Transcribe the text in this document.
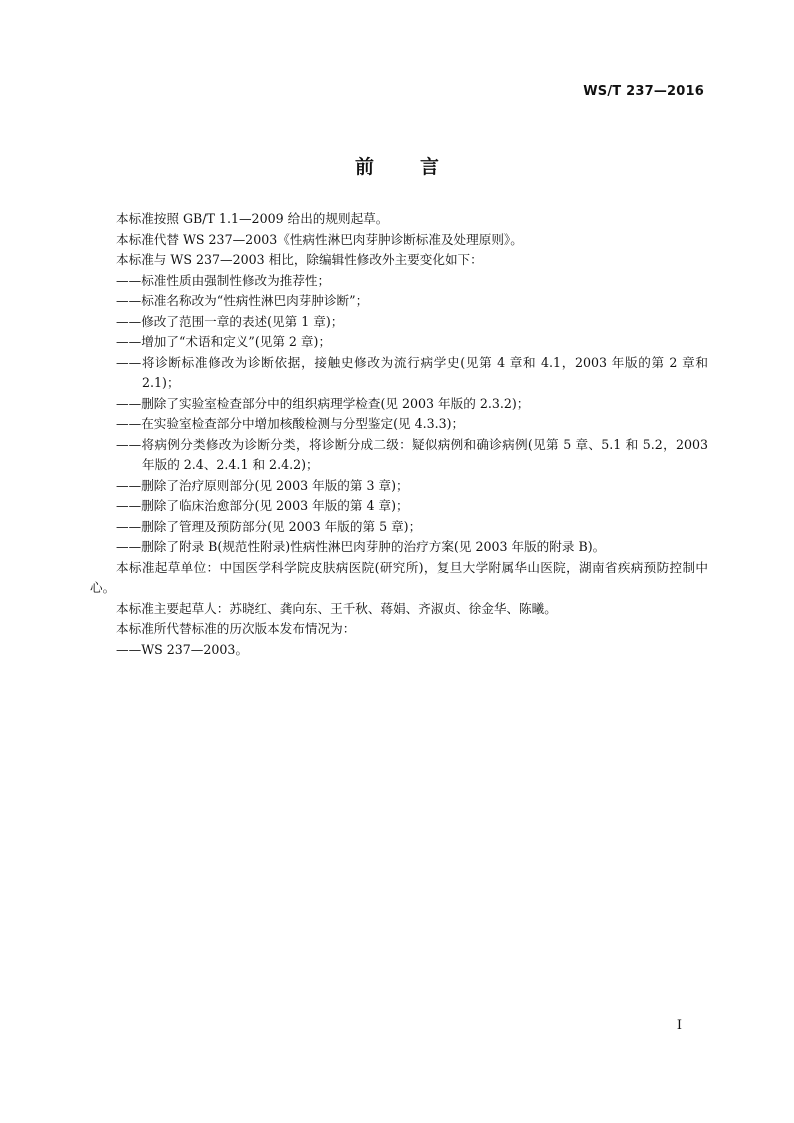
WS/T 237—2016
前言

本标准按照 GB/T 1.1—2009 给出的规则起草。

本标准代替 WS 237—2003《性病性淋巴肉芽肿诊断标准及处理原则》。

本标准与 WS 237—2003 相比，除编辑性修改外主要变化如下：

——标准性质由强制性修改为推荐性；

——标准名称改为“性病性淋巴肉芽肿诊断”；

——修改了范围一章的表述(见第 1 章)；

——增加了“术语和定义”(见第 2 章)；

——将诊断标准修改为诊断依据，接触史修改为流行病学史(见第 4 章和 4.1，2003 年版的第 2 章和 2.1)；

——删除了实验室检查部分中的组织病理学检查(见 2003 年版的 2.3.2)；

——在实验室检查部分中增加核酸检测与分型鉴定(见 4.3.3)；

——将病例分类修改为诊断分类，将诊断分成二级：疑似病例和确诊病例(见第 5 章、5.1 和 5.2，2003 年版的 2.4、2.4.1 和 2.4.2)；

——删除了治疗原则部分(见 2003 年版的第 3 章)；

——删除了临床治愈部分(见 2003 年版的第 4 章)；

——删除了管理及预防部分(见 2003 年版的第 5 章)；

——删除了附录 B(规范性附录)性病性淋巴肉芽肿的治疗方案(见 2003 年版的附录 B)。

本标准起草单位：中国医学科学院皮肤病医院(研究所)，复旦大学附属华山医院，湖南省疾病预防控制中心。

本标准主要起草人：苏晓红、龚向东、王千秋、蒋娟、齐淑贞、徐金华、陈曦。

本标准所代替标准的历次版本发布情况为：

——WS 237—2003。

I
